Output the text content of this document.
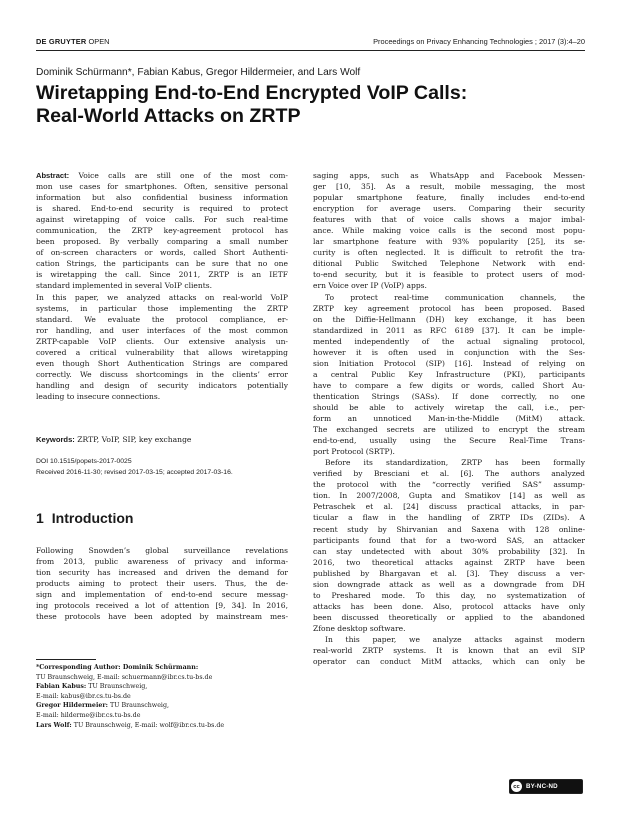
DE GRUYTER OPEN	Proceedings on Privacy Enhancing Technologies ; 2017 (3):4–20
Dominik Schürmann*, Fabian Kabus, Gregor Hildermeier, and Lars Wolf
Wiretapping End-to-End Encrypted VoIP Calls:
Real-World Attacks on ZRTP
Abstract: Voice calls are still one of the most com-
mon use cases for smartphones. Often, sensitive personal
information but also confidential business information
is shared. End-to-end security is required to protect
against wiretapping of voice calls. For such real-time
communication, the ZRTP key-agreement protocol has
been proposed. By verbally comparing a small number
of on-screen characters or words, called Short Authenti-
cation Strings, the participants can be sure that no one
is wiretapping the call. Since 2011, ZRTP is an IETF
standard implemented in several VoIP clients.
In this paper, we analyzed attacks on real-world VoIP
systems, in particular those implementing the ZRTP
standard. We evaluate the protocol compliance, er-
ror handling, and user interfaces of the most common
ZRTP-capable VoIP clients. Our extensive analysis un-
covered a critical vulnerability that allows wiretapping
even though Short Authentication Strings are compared
correctly. We discuss shortcomings in the clients’ error
handling and design of security indicators potentially
leading to insecure connections.
Keywords: ZRTP, VoIP, SIP, key exchange
DOI 10.1515/popets-2017-0025
Received 2016-11-30; revised 2017-03-15; accepted 2017-03-16.
1 Introduction
Following Snowden’s global surveillance revelations
from 2013, public awareness of privacy and informa-
tion security has increased and driven the demand for
products aiming to protect their users. Thus, the de-
sign and implementation of end-to-end secure messag-
ing protocols received a lot of attention [9, 34]. In 2016,
these protocols have been adopted by mainstream mes-
*Corresponding Author: Dominik Schürmann:
TU Braunschweig, E-mail: schuermann@ibr.cs.tu-bs.de
Fabian Kabus: TU Braunschweig,
E-mail: kabus@ibr.cs.tu-bs.de
Gregor Hildermeier: TU Braunschweig,
E-mail: hilderme@ibr.cs.tu-bs.de
Lars Wolf: TU Braunschweig, E-mail: wolf@ibr.cs.tu-bs.de
saging apps, such as WhatsApp and Facebook Messen-
ger [10, 35]. As a result, mobile messaging, the most
popular smartphone feature, finally includes end-to-end
encryption for average users. Comparing their security
features with that of voice calls shows a major imbal-
ance. While making voice calls is the second most popu-
lar smartphone feature with 93% popularity [25], its se-
curity is often neglected. It is difficult to retrofit the tra-
ditional Public Switched Telephone Network with end-
to-end security, but it is feasible to protect users of mod-
ern Voice over IP (VoIP) apps.
To protect real-time communication channels, the
ZRTP key agreement protocol has been proposed. Based
on the Diffie-Hellmann (DH) key exchange, it has been
standardized in 2011 as RFC 6189 [37]. It can be imple-
mented independently of the actual signaling protocol,
however it is often used in conjunction with the Ses-
sion Initiation Protocol (SIP) [16]. Instead of relying on
a central Public Key Infrastructure (PKI), participants
have to compare a few digits or words, called Short Au-
thentication Strings (SASs). If done correctly, no one
should be able to actively wiretap the call, i.e., per-
form an unnoticed Man-in-the-Middle (MitM) attack.
The exchanged secrets are utilized to encrypt the stream
end-to-end, usually using the Secure Real-Time Trans-
port Protocol (SRTP).
Before its standardization, ZRTP has been formally
verified by Bresciani et al. [6]. The authors analyzed
the protocol with the “correctly verified SAS” assump-
tion. In 2007/2008, Gupta and Smatikov [14] as well as
Petraschek et al. [24] discuss practical attacks, in par-
ticular a flaw in the handling of ZRTP IDs (ZIDs). A
recent study by Shirvanian and Saxena with 128 online-
participants found that for a two-word SAS, an attacker
can stay undetected with about 30% probability [32]. In
2016, two theoretical attacks against ZRTP have been
published by Bhargavan et al. [3]. They discuss a ver-
sion downgrade attack as well as a downgrade from DH
to Preshared mode. To this day, no systematization of
attacks has been done. Also, protocol attacks have only
been discussed theoretically or applied to the abandoned
Zfone desktop software.
In this paper, we analyze attacks against modern
real-world ZRTP systems. It is known that an evil SIP
operator can conduct MitM attacks, which can only be
cc	BY-NC-ND
